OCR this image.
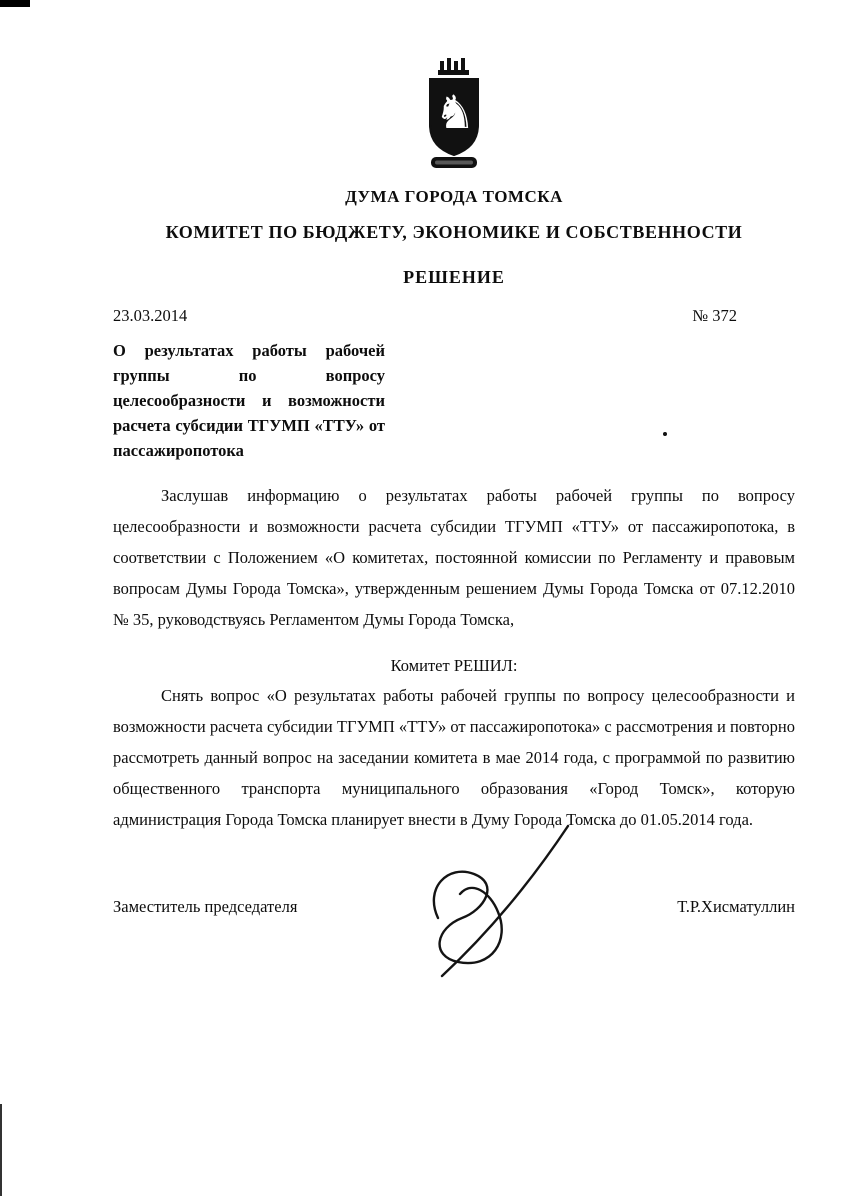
♞
ДУМА ГОРОДА ТОМСКА
КОМИТЕТ ПО БЮДЖЕТУ, ЭКОНОМИКЕ И СОБСТВЕННОСТИ
РЕШЕНИЕ
23.03.2014	№ 372
О результатах работы рабочей группы по вопросу целесообразности и возможности расчета субсидии ТГУМП «ТТУ» от пассажиропотока
Заслушав информацию о результатах работы рабочей группы по вопросу целесообразности и возможности расчета субсидии ТГУМП «ТТУ» от пассажиропотока, в соответствии с Положением «О комитетах, постоянной комиссии по Регламенту и правовым вопросам Думы Города Томска», утвержденным решением Думы Города Томска от 07.12.2010 № 35, руководствуясь Регламентом Думы Города Томска,
Комитет РЕШИЛ:
Снять вопрос «О результатах работы рабочей группы по вопросу целесообразности и возможности расчета субсидии ТГУМП «ТТУ» от пассажиропотока» с рассмотрения и повторно рассмотреть данный вопрос на заседании комитета в мае 2014 года, с программой по развитию общественного транспорта муниципального образования «Город Томск», которую администрация Города Томска планирует внести в Думу Города Томска до 01.05.2014 года.
Заместитель председателя	Т.Р.Хисматуллин
